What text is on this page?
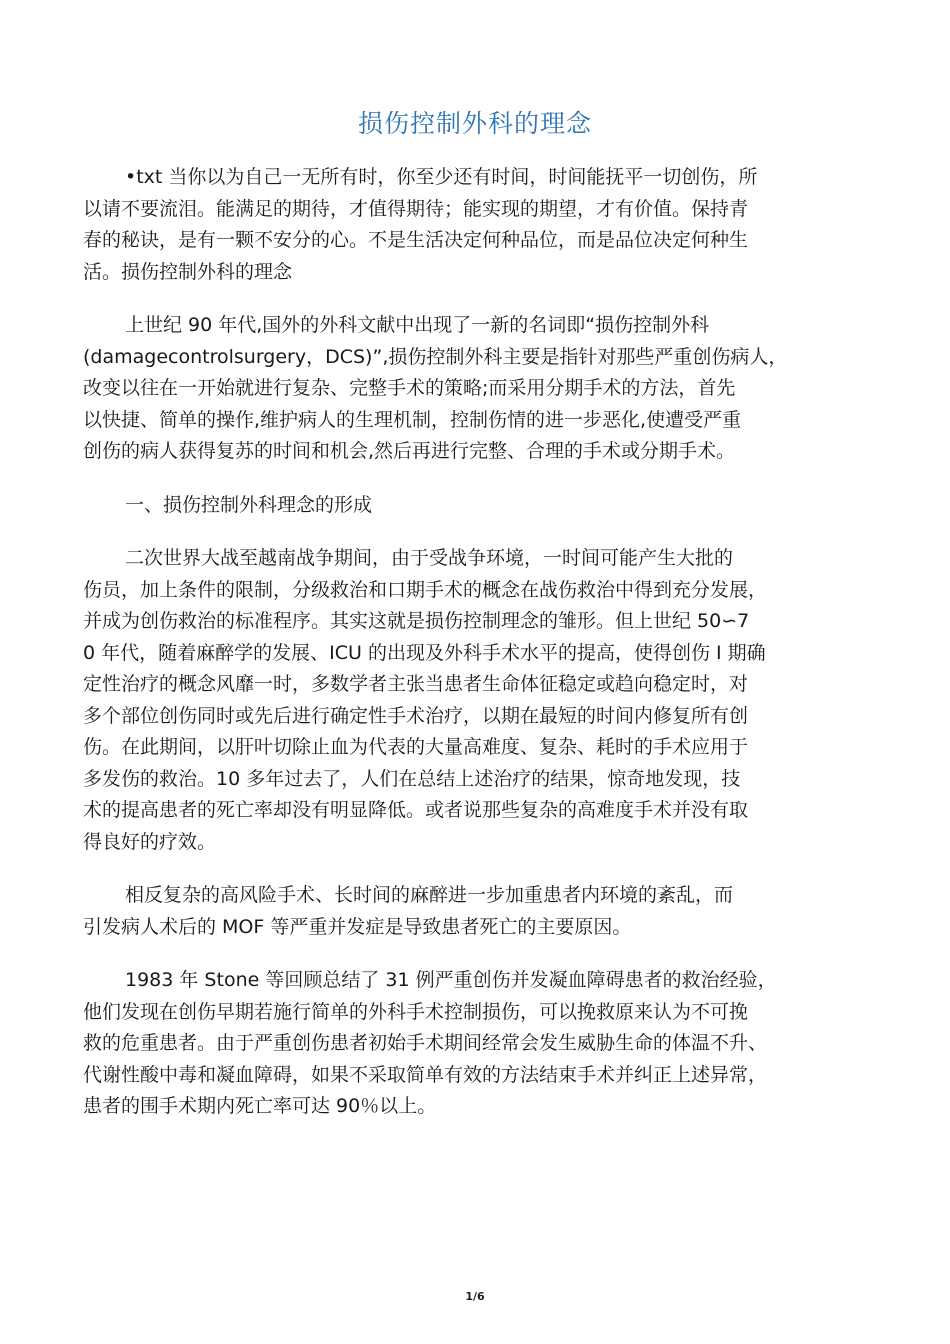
损伤控制外科的理念

•txt 当你以为自己一无所有时，你至少还有时间，时间能抚平一切创伤，所
以请不要流泪。能满足的期待，才值得期待；能实现的期望，才有价值。保持青
春的秘诀，是有一颗不安分的心。不是生活决定何种品位，而是品位决定何种生
活。损伤控制外科的理念

上世纪 90 年代,国外的外科文献中出现了一新的名词即“损伤控制外科
(damagecontrolsurgery，DCS)”,损伤控制外科主要是指针对那些严重创伤病人，
改变以往在一开始就进行复杂、完整手术的策略;而采用分期手术的方法，首先
以快捷、简单的操作,维护病人的生理机制，控制伤情的进一步恶化,使遭受严重
创伤的病人获得复苏的时间和机会,然后再进行完整、合理的手术或分期手术。

一、损伤控制外科理念的形成

二次世界大战至越南战争期间，由于受战争环境，一时间可能产生大批的
伤员，加上条件的限制，分级救治和口期手术的概念在战伤救治中得到充分发展，
并成为创伤救治的标准程序。其实这就是损伤控制理念的雏形。但上世纪 50∽7
0 年代，随着麻醉学的发展、ICU 的出现及外科手术水平的提高，使得创伤 I 期确
定性治疗的概念风靡一时，多数学者主张当患者生命体征稳定或趋向稳定时，对
多个部位创伤同时或先后进行确定性手术治疗，以期在最短的时间内修复所有创
伤。在此期间，以肝叶切除止血为代表的大量高难度、复杂、耗时的手术应用于
多发伤的救治。10 多年过去了，人们在总结上述治疗的结果，惊奇地发现，技
术的提高患者的死亡率却没有明显降低。或者说那些复杂的高难度手术并没有取
得良好的疗效。

相反复杂的高风险手术、长时间的麻醉进一步加重患者内环境的紊乱，而
引发病人术后的 MOF 等严重并发症是导致患者死亡的主要原因。

1983 年 Stone 等回顾总结了 31 例严重创伤并发凝血障碍患者的救治经验，
他们发现在创伤早期若施行简单的外科手术控制损伤，可以挽救原来认为不可挽
救的危重患者。由于严重创伤患者初始手术期间经常会发生威胁生命的体温不升、
代谢性酸中毒和凝血障碍，如果不采取简单有效的方法结束手术并纠正上述异常，
患者的围手术期内死亡率可达 90％以上。

1/6
